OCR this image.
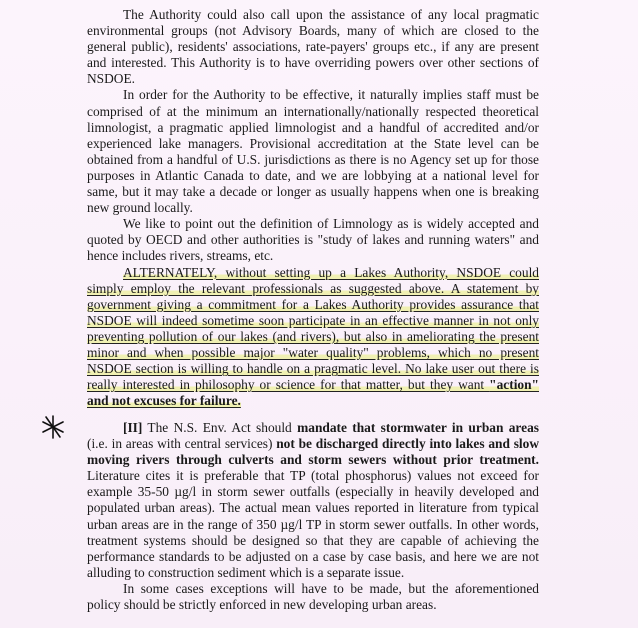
The Authority could also call upon the assistance of any local pragmatic environmental groups (not Advisory Boards, many of which are closed to the general public), residents' associations, rate-payers' groups etc., if any are present and interested. This Authority is to have overriding powers over other sections of NSDOE.

In order for the Authority to be effective, it naturally implies staff must be comprised of at the minimum an internationally/nationally respected theoretical limnologist, a pragmatic applied limnologist and a handful of accredited and/or experienced lake managers. Provisional accreditation at the State level can be obtained from a handful of U.S. jurisdictions as there is no Agency set up for those purposes in Atlantic Canada to date, and we are lobbying at a national level for same, but it may take a decade or longer as usually happens when one is breaking new ground locally.

We like to point out the definition of Limnology as is widely accepted and quoted by OECD and other authorities is "study of lakes and running waters" and hence includes rivers, streams, etc.

ALTERNATELY, without setting up a Lakes Authority, NSDOE could simply employ the relevant professionals as suggested above. A statement by government giving a commitment for a Lakes Authority provides assurance that NSDOE will indeed sometime soon participate in an effective manner in not only preventing pollution of our lakes (and rivers), but also in ameliorating the present minor and when possible major "water quality" problems, which no present NSDOE section is willing to handle on a pragmatic level. No lake user out there is really interested in philosophy or science for that matter, but they want "action" and not excuses for failure.

[II] The N.S. Env. Act should mandate that stormwater in urban areas (i.e. in areas with central services) not be discharged directly into lakes and slow moving rivers through culverts and storm sewers without prior treatment. Literature cites it is preferable that TP (total phosphorus) values not exceed for example 35-50 µg/l in storm sewer outfalls (especially in heavily developed and populated urban areas). The actual mean values reported in literature from typical urban areas are in the range of 350 µg/l TP in storm sewer outfalls. In other words, treatment systems should be designed so that they are capable of achieving the performance standards to be adjusted on a case by case basis, and here we are not alluding to construction sediment which is a separate issue.

In some cases exceptions will have to be made, but the aforementioned policy should be strictly enforced in new developing urban areas.
